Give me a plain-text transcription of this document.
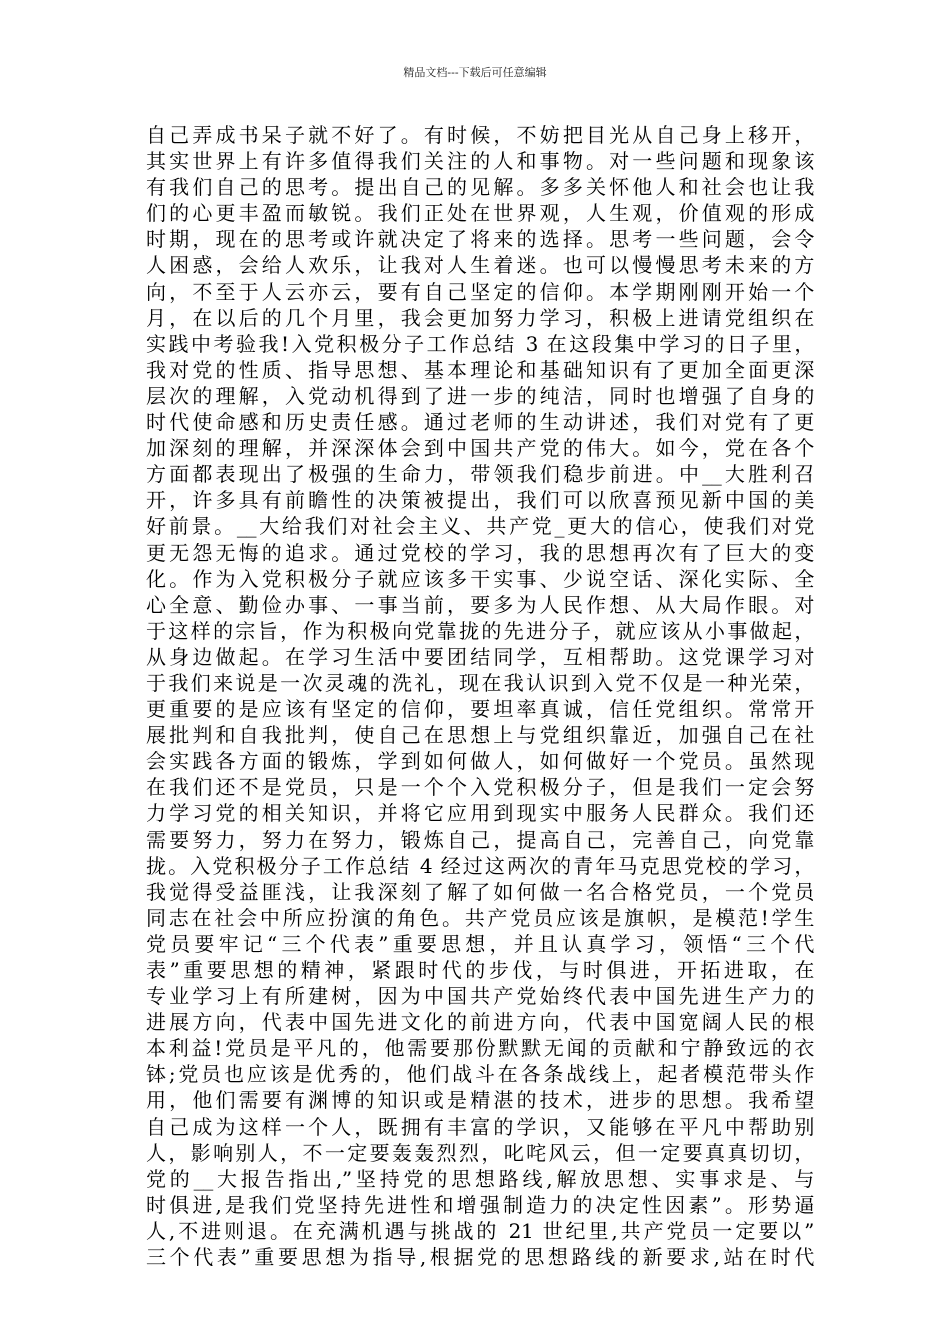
精品文档---下载后可任意编辑
自己弄成书呆子就不好了。有时候，不妨把目光从自己身上移开，
其实世界上有许多值得我们关注的人和事物。对一些问题和现象该
有我们自己的思考。提出自己的见解。多多关怀他人和社会也让我
们的心更丰盈而敏锐。我们正处在世界观，人生观，价值观的形成
时期，现在的思考或许就决定了将来的选择。思考一些问题，会令
人困惑，会给人欢乐，让我对人生着迷。也可以慢慢思考未来的方
向，不至于人云亦云，要有自己坚定的信仰。本学期刚刚开始一个
月，在以后的几个月里，我会更加努力学习，积极上进请党组织在
实践中考验我!入党积极分子工作总结 3 在这段集中学习的日子里，
我对党的性质、指导思想、基本理论和基础知识有了更加全面更深
层次的理解，入党动机得到了进一步的纯洁，同时也增强了自身的
时代使命感和历史责任感。通过老师的生动讲述，我们对党有了更
加深刻的理解，并深深体会到中国共产党的伟大。如今，党在各个
方面都表现出了极强的生命力，带领我们稳步前进。中__大胜利召
开，许多具有前瞻性的决策被提出，我们可以欣喜预见新中国的美
好前景。__大给我们对社会主义、共产党_更大的信心，使我们对党
更无怨无悔的追求。通过党校的学习，我的思想再次有了巨大的变
化。作为入党积极分子就应该多干实事、少说空话、深化实际、全
心全意、勤俭办事、一事当前，要多为人民作想、从大局作眼。对
于这样的宗旨，作为积极向党靠拢的先进分子，就应该从小事做起，
从身边做起。在学习生活中要团结同学，互相帮助。这党课学习对
于我们来说是一次灵魂的洗礼，现在我认识到入党不仅是一种光荣，
更重要的是应该有坚定的信仰，要坦率真诚，信任党组织。常常开
展批判和自我批判，使自己在思想上与党组织靠近，加强自己在社
会实践各方面的锻炼，学到如何做人，如何做好一个党员。虽然现
在我们还不是党员，只是一个个入党积极分子，但是我们一定会努
力学习党的相关知识，并将它应用到现实中服务人民群众。我们还
需要努力，努力在努力，锻炼自己，提高自己，完善自己，向党靠
拢。入党积极分子工作总结 4 经过这两次的青年马克思党校的学习，
我觉得受益匪浅，让我深刻了解了如何做一名合格党员，一个党员
同志在社会中所应扮演的角色。共产党员应该是旗帜，是模范!学生
党员要牢记“三个代表”重要思想，并且认真学习，领悟“三个代
表”重要思想的精神，紧跟时代的步伐，与时俱进，开拓进取，在
专业学习上有所建树，因为中国共产党始终代表中国先进生产力的
进展方向，代表中国先进文化的前进方向，代表中国宽阔人民的根
本利益!党员是平凡的，他需要那份默默无闻的贡献和宁静致远的衣
钵;党员也应该是优秀的，他们战斗在各条战线上，起者模范带头作
用，他们需要有渊博的知识或是精湛的技术，进步的思想。我希望
自己成为这样一个人，既拥有丰富的学识，又能够在平凡中帮助别
人，影响别人，不一定要轰轰烈烈，叱咤风云，但一定要真真切切，
党的__大报告指出,”坚持党的思想路线,解放思想、实事求是、与
时俱进,是我们党坚持先进性和增强制造力的决定性因素”。形势逼
人,不进则退。在充满机遇与挑战的 21 世纪里,共产党员一定要以”
三个代表”重要思想为指导,根据党的思想路线的新要求,站在时代
